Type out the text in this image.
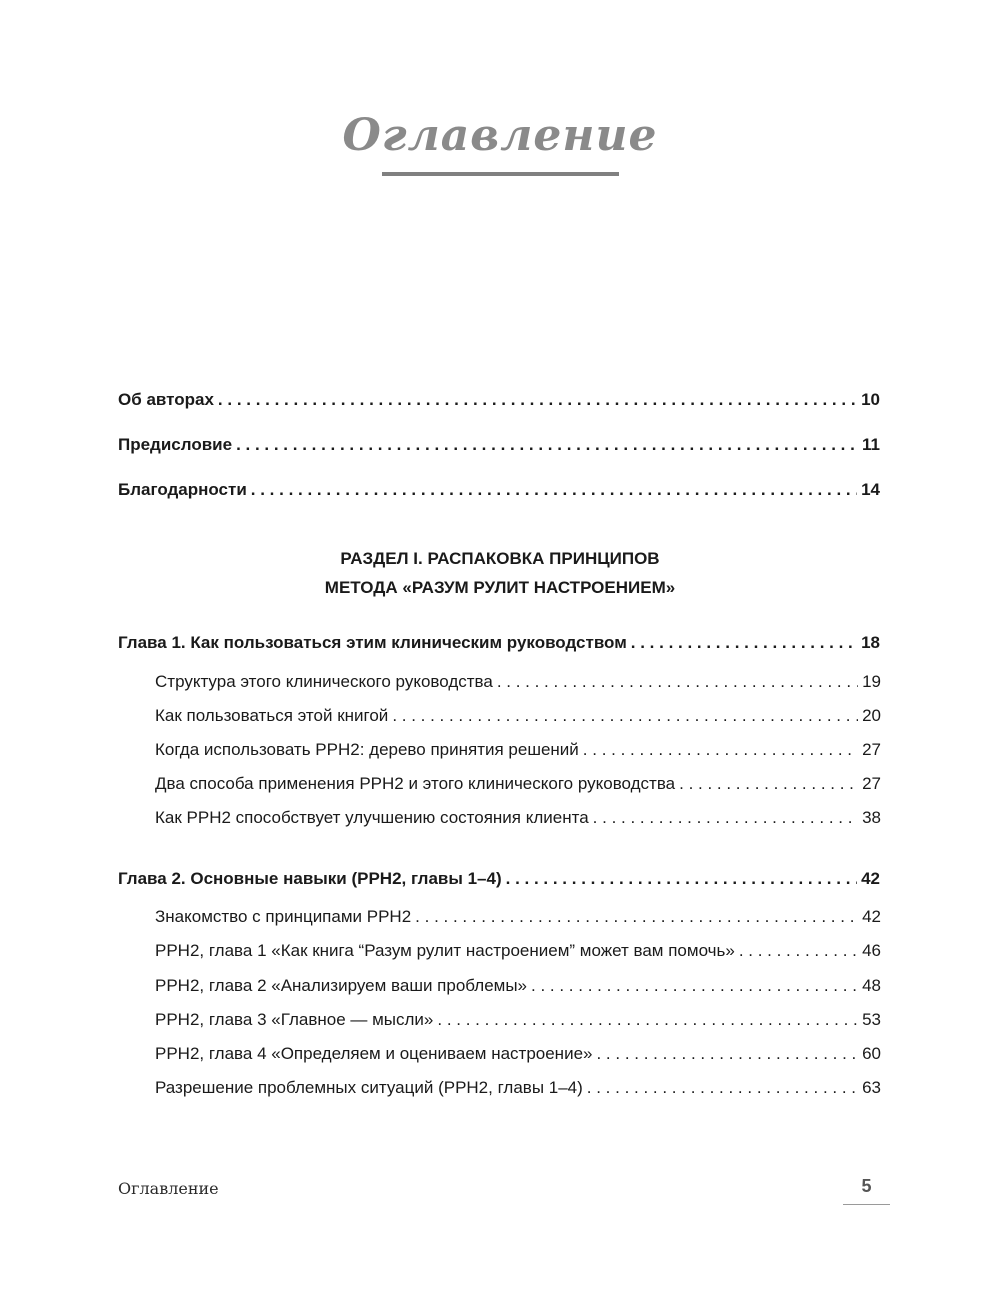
Оглавление
Об авторах . . .	10
Предисловие . . .	11
Благодарности . . .	14
РАЗДЕЛ I. РАСПАКОВКА ПРИНЦИПОВ
МЕТОДА «РАЗУМ РУЛИТ НАСТРОЕНИЕМ»
Глава 1. Как пользоваться этим клиническим руководством . . .	18
Структура этого клинического руководства . . .	19
Как пользоваться этой книгой . . .	20
Когда использовать РРН2: дерево принятия решений . . .	27
Два способа применения РРН2 и этого клинического руководства . . .	27
Как РРН2 способствует улучшению состояния клиента . . .	38
Глава 2. Основные навыки (РРН2, главы 1–4) . . .	42
Знакомство с принципами РРН2 . . .	42
РРН2, глава 1 «Как книга “Разум рулит настроением” может вам помочь» . . .	46
РРН2, глава 2 «Анализируем ваши проблемы» . . .	48
РРН2, глава 3 «Главное — мысли» . . .	53
РРН2, глава 4 «Определяем и оцениваем настроение» . . .	60
Разрешение проблемных ситуаций (РРН2, главы 1–4) . . .	63
Оглавление	5
